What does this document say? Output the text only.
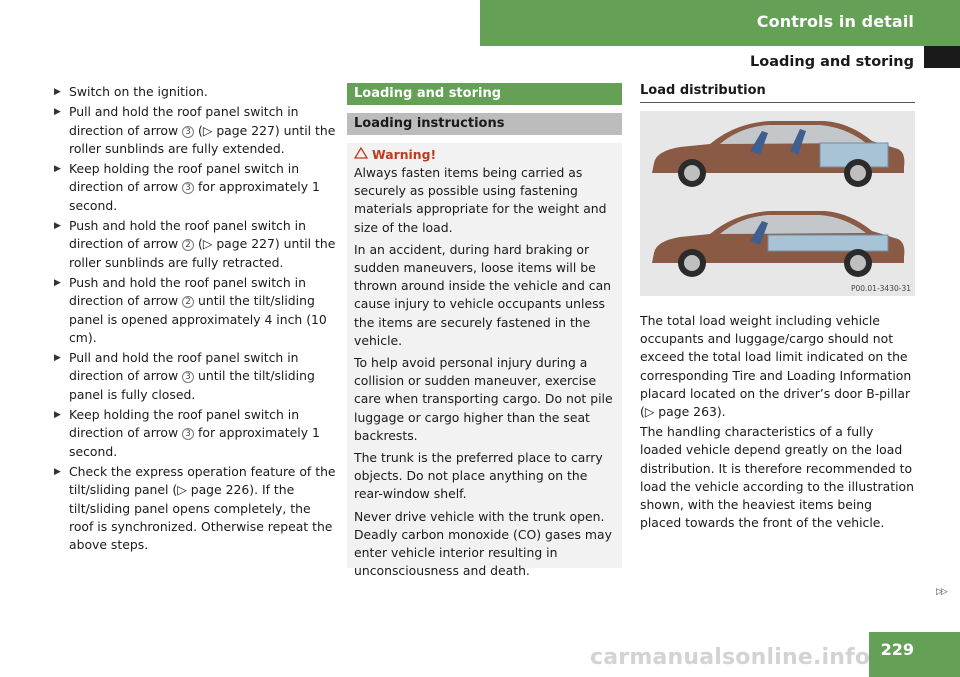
Controls in detail
Loading and storing
▶ Switch on the ignition.
▶ Pull and hold the roof panel switch in direction of arrow 3 (▷ page 227) until the roller sunblinds are fully extended.
▶ Keep holding the roof panel switch in direction of arrow 3 for approximately 1 second.
▶ Push and hold the roof panel switch in direction of arrow 2 (▷ page 227) until the roller sunblinds are fully retracted.
▶ Push and hold the roof panel switch in direction of arrow 2 until the tilt/sliding panel is opened approximately 4 inch (10 cm).
▶ Pull and hold the roof panel switch in direction of arrow 3 until the tilt/sliding panel is fully closed.
▶ Keep holding the roof panel switch in direction of arrow 3 for approximately 1 second.
▶ Check the express operation feature of the tilt/sliding panel (▷ page 226). If the tilt/sliding panel opens completely, the roof is synchronized. Otherwise repeat the above steps.
Loading and storing
Loading instructions
Warning!

Always fasten items being carried as securely as possible using fastening materials appropriate for the weight and size of the load.

In an accident, during hard braking or sudden maneuvers, loose items will be thrown around inside the vehicle and can cause injury to vehicle occupants unless the items are securely fastened in the vehicle.

To help avoid personal injury during a collision or sudden maneuver, exercise care when transporting cargo. Do not pile luggage or cargo higher than the seat backrests.

The trunk is the preferred place to carry objects. Do not place anything on the rear-window shelf.

Never drive vehicle with the trunk open. Deadly carbon monoxide (CO) gases may enter vehicle interior resulting in unconsciousness and death.

Load distribution
P00.01-3430-31

The total load weight including vehicle occupants and luggage/cargo should not exceed the total load limit indicated on the corresponding Tire and Loading Information placard located on the driver’s door B-pillar (▷ page 263).

The handling characteristics of a fully loaded vehicle depend greatly on the load distribution. It is therefore recommended to load the vehicle according to the illustration shown, with the heaviest items being placed towards the front of the vehicle.

▷▷
229
carmanualsonline.info
